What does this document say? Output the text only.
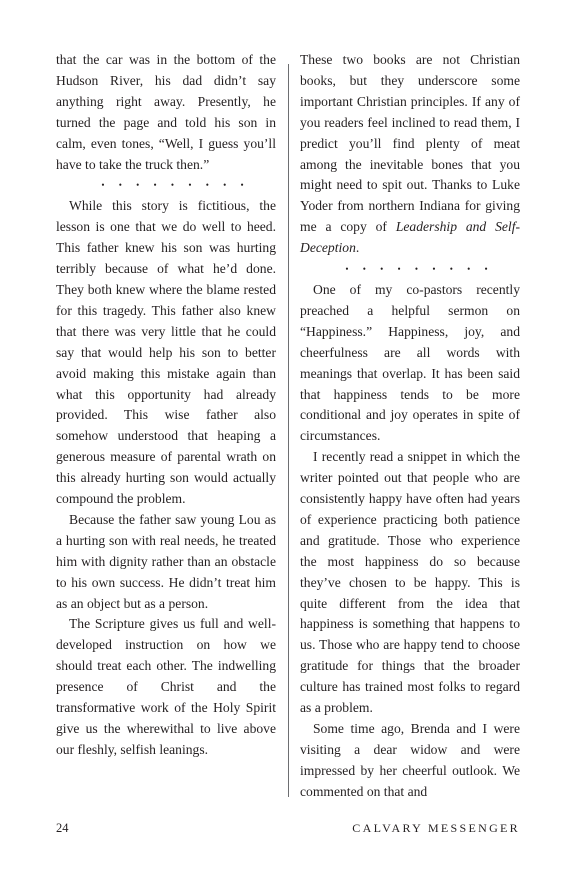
that the car was in the bottom of the Hudson River, his dad didn’t say anything right away. Presently, he turned the page and told his son in calm, even tones, “Well, I guess you’ll have to take the truck then.”

• • • • • • • • •

While this story is fictitious, the lesson is one that we do well to heed. This father knew his son was hurting terribly because of what he’d done. They both knew where the blame rested for this tragedy. This father also knew that there was very little that he could say that would help his son to better avoid making this mistake again than what this opportunity had already provided. This wise father also somehow understood that heaping a generous measure of parental wrath on this already hurting son would actually compound the problem.

Because the father saw young Lou as a hurting son with real needs, he treated him with dignity rather than an obstacle to his own success. He didn’t treat him as an object but as a person.

The Scripture gives us full and well-developed instruction on how we should treat each other. The indwelling presence of Christ and the transformative work of the Holy Spirit give us the wherewithal to live above our fleshly, selfish leanings.

These two books are not Christian books, but they underscore some important Christian principles. If any of you readers feel inclined to read them, I predict you’ll find plenty of meat among the inevitable bones that you might need to spit out. Thanks to Luke Yoder from northern Indiana for giving me a copy of Leadership and Self-Deception.

• • • • • • • • •

One of my co-pastors recently preached a helpful sermon on “Happiness.” Happiness, joy, and cheerfulness are all words with meanings that overlap. It has been said that happiness tends to be more conditional and joy operates in spite of circumstances.

I recently read a snippet in which the writer pointed out that people who are consistently happy have often had years of experience practicing both patience and gratitude. Those who experience the most happiness do so because they’ve chosen to be happy. This is quite different from the idea that happiness is something that happens to us. Those who are happy tend to choose gratitude for things that the broader culture has trained most folks to regard as a problem.

Some time ago, Brenda and I were visiting a dear widow and were impressed by her cheerful outlook. We commented on that and

24	CALVARY MESSENGER
